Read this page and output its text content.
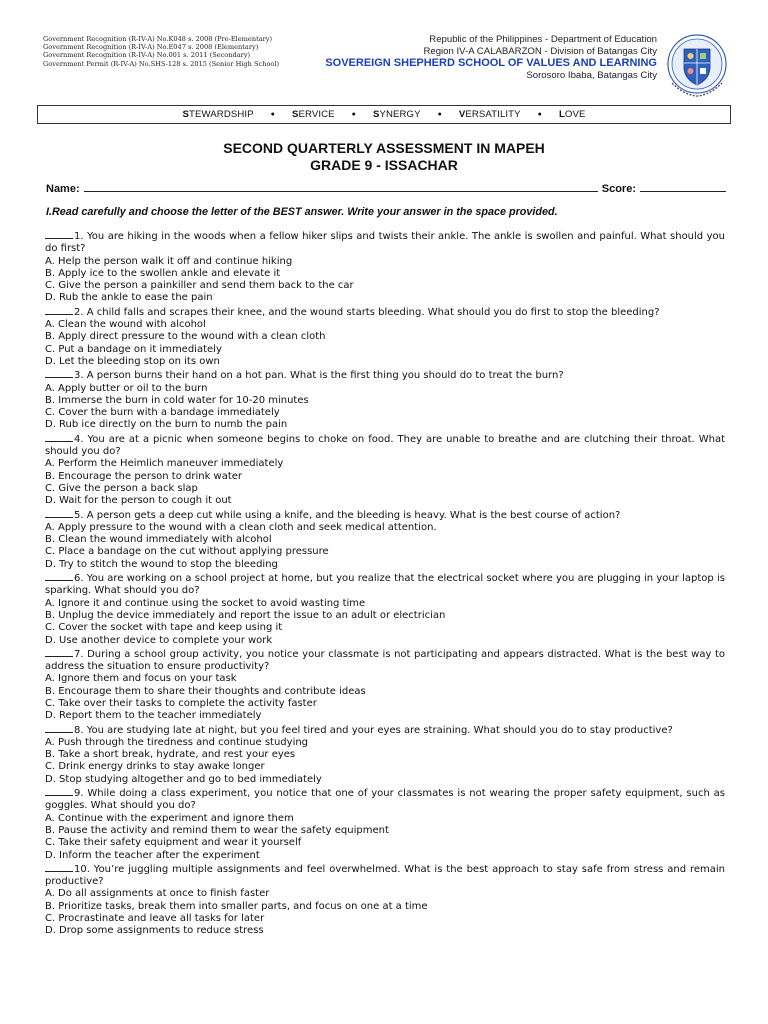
Government Recognition (R-IV-A) No.K048 s. 2008 (Pre-Elementary)
Government Recognition (R-IV-A) No.E047 s. 2008 (Elementary)
Government Recognition (R-IV-A) No.001 s. 2011 (Secondary)
Government Permit (R-IV-A) No.SHS-128 s. 2015 (Senior High School)
Republic of the Philippines - Department of Education
Region IV-A CALABARZON - Division of Batangas City
SOVEREIGN SHEPHERD SCHOOL OF VALUES AND LEARNING
Sorosoro Ibaba, Batangas City
STEWARDSHIP ● SERVICE ● SYNERGY ● VERSATILITY ● LOVE
SECOND QUARTERLY ASSESSMENT IN MAPEH
GRADE 9 - ISSACHAR
Name:	Score:
I.Read carefully and choose the letter of the BEST answer. Write your answer in the space provided.
1. You are hiking in the woods when a fellow hiker slips and twists their ankle. The ankle is swollen and painful. What should you do first?
A. Help the person walk it off and continue hiking
B. Apply ice to the swollen ankle and elevate it
C. Give the person a painkiller and send them back to the car
D. Rub the ankle to ease the pain
2. A child falls and scrapes their knee, and the wound starts bleeding. What should you do first to stop the bleeding?
A. Clean the wound with alcohol
B. Apply direct pressure to the wound with a clean cloth
C. Put a bandage on it immediately
D. Let the bleeding stop on its own
3. A person burns their hand on a hot pan. What is the first thing you should do to treat the burn?
A. Apply butter or oil to the burn
B. Immerse the burn in cold water for 10-20 minutes
C. Cover the burn with a bandage immediately
D. Rub ice directly on the burn to numb the pain
4. You are at a picnic when someone begins to choke on food. They are unable to breathe and are clutching their throat. What should you do?
A. Perform the Heimlich maneuver immediately
B. Encourage the person to drink water
C. Give the person a back slap
D. Wait for the person to cough it out
5. A person gets a deep cut while using a knife, and the bleeding is heavy. What is the best course of action?
A. Apply pressure to the wound with a clean cloth and seek medical attention.
B. Clean the wound immediately with alcohol
C. Place a bandage on the cut without applying pressure
D. Try to stitch the wound to stop the bleeding
6. You are working on a school project at home, but you realize that the electrical socket where you are plugging in your laptop is sparking. What should you do?
A. Ignore it and continue using the socket to avoid wasting time
B. Unplug the device immediately and report the issue to an adult or electrician
C. Cover the socket with tape and keep using it
D. Use another device to complete your work
7. During a school group activity, you notice your classmate is not participating and appears distracted. What is the best way to address the situation to ensure productivity?
A. Ignore them and focus on your task
B. Encourage them to share their thoughts and contribute ideas
C. Take over their tasks to complete the activity faster
D. Report them to the teacher immediately
8. You are studying late at night, but you feel tired and your eyes are straining. What should you do to stay productive?
A. Push through the tiredness and continue studying
B. Take a short break, hydrate, and rest your eyes
C. Drink energy drinks to stay awake longer
D. Stop studying altogether and go to bed immediately
9. While doing a class experiment, you notice that one of your classmates is not wearing the proper safety equipment, such as goggles. What should you do?
A. Continue with the experiment and ignore them
B. Pause the activity and remind them to wear the safety equipment
C. Take their safety equipment and wear it yourself
D. Inform the teacher after the experiment
10. You’re juggling multiple assignments and feel overwhelmed. What is the best approach to stay safe from stress and remain productive?
A. Do all assignments at once to finish faster
B. Prioritize tasks, break them into smaller parts, and focus on one at a time
C. Procrastinate and leave all tasks for later
D. Drop some assignments to reduce stress
